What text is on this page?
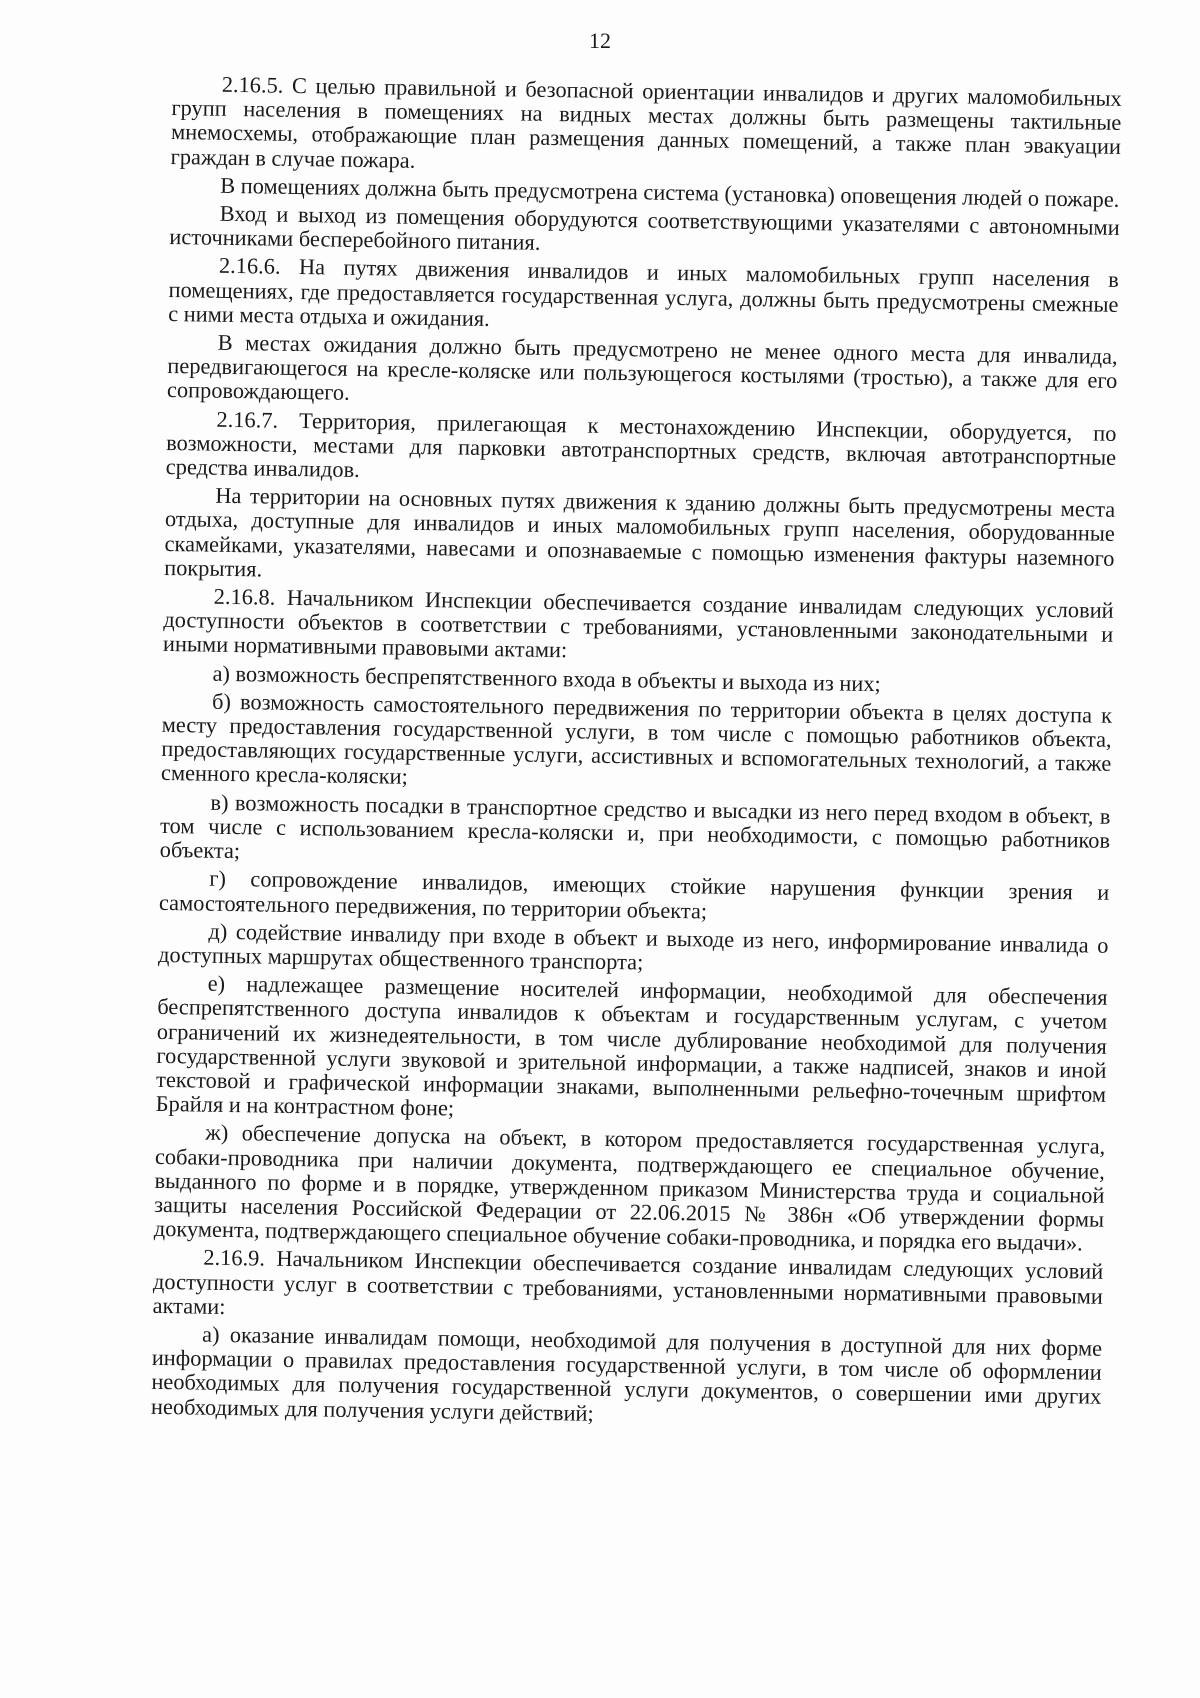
12

2.16.5. С целью правильной и безопасной ориентации инвалидов и других маломобильных групп населения в помещениях на видных местах должны быть размещены тактильные мнемосхемы, отображающие план размещения данных помещений, а также план эвакуации граждан в случае пожара.

В помещениях должна быть предусмотрена система (установка) оповещения людей о пожаре.

Вход и выход из помещения оборудуются соответствующими указателями с автономными источниками бесперебойного питания.

2.16.6. На путях движения инвалидов и иных маломобильных групп населения в помещениях, где предоставляется государственная услуга, должны быть предусмотрены смежные с ними места отдыха и ожидания.

В местах ожидания должно быть предусмотрено не менее одного места для инвалида, передвигающегося на кресле-коляске или пользующегося костылями (тростью), а также для его сопровождающего.

2.16.7. Территория, прилегающая к местонахождению Инспекции, оборудуется, по возможности, местами для парковки автотранспортных средств, включая автотранспортные средства инвалидов.

На территории на основных путях движения к зданию должны быть предусмотрены места отдыха, доступные для инвалидов и иных маломобильных групп населения, оборудованные скамейками, указателями, навесами и опознаваемые с помощью изменения фактуры наземного покрытия.

2.16.8. Начальником Инспекции обеспечивается создание инвалидам следующих условий доступности объектов в соответствии с требованиями, установленными законодательными и иными нормативными правовыми актами:

а) возможность беспрепятственного входа в объекты и выхода из них;

б) возможность самостоятельного передвижения по территории объекта в целях доступа к месту предоставления государственной услуги, в том числе с помощью работников объекта, предоставляющих государственные услуги, ассистивных и вспомогательных технологий, а также сменного кресла-коляски;

в) возможность посадки в транспортное средство и высадки из него перед входом в объект, в том числе с использованием кресла-коляски и, при необходимости, с помощью работников объекта;

г) сопровождение инвалидов, имеющих стойкие нарушения функции зрения и самостоятельного передвижения, по территории объекта;

д) содействие инвалиду при входе в объект и выходе из него, информирование инвалида о доступных маршрутах общественного транспорта;

е) надлежащее размещение носителей информации, необходимой для обеспечения беспрепятственного доступа инвалидов к объектам и государственным услугам, с учетом ограничений их жизнедеятельности, в том числе дублирование необходимой для получения государственной услуги звуковой и зрительной информации, а также надписей, знаков и иной текстовой и графической информации знаками, выполненными рельефно-точечным шрифтом Брайля и на контрастном фоне;

ж) обеспечение допуска на объект, в котором предоставляется государственная услуга, собаки-проводника при наличии документа, подтверждающего ее специальное обучение, выданного по форме и в порядке, утвержденном приказом Министерства труда и социальной защиты населения Российской Федерации от 22.06.2015 № 386н «Об утверждении формы документа, подтверждающего специальное обучение собаки-проводника, и порядка его выдачи».

2.16.9. Начальником Инспекции обеспечивается создание инвалидам следующих условий доступности услуг в соответствии с требованиями, установленными нормативными правовыми актами:

а) оказание инвалидам помощи, необходимой для получения в доступной для них форме информации о правилах предоставления государственной услуги, в том числе об оформлении необходимых для получения государственной услуги документов, о совершении ими других необходимых для получения услуги действий;
